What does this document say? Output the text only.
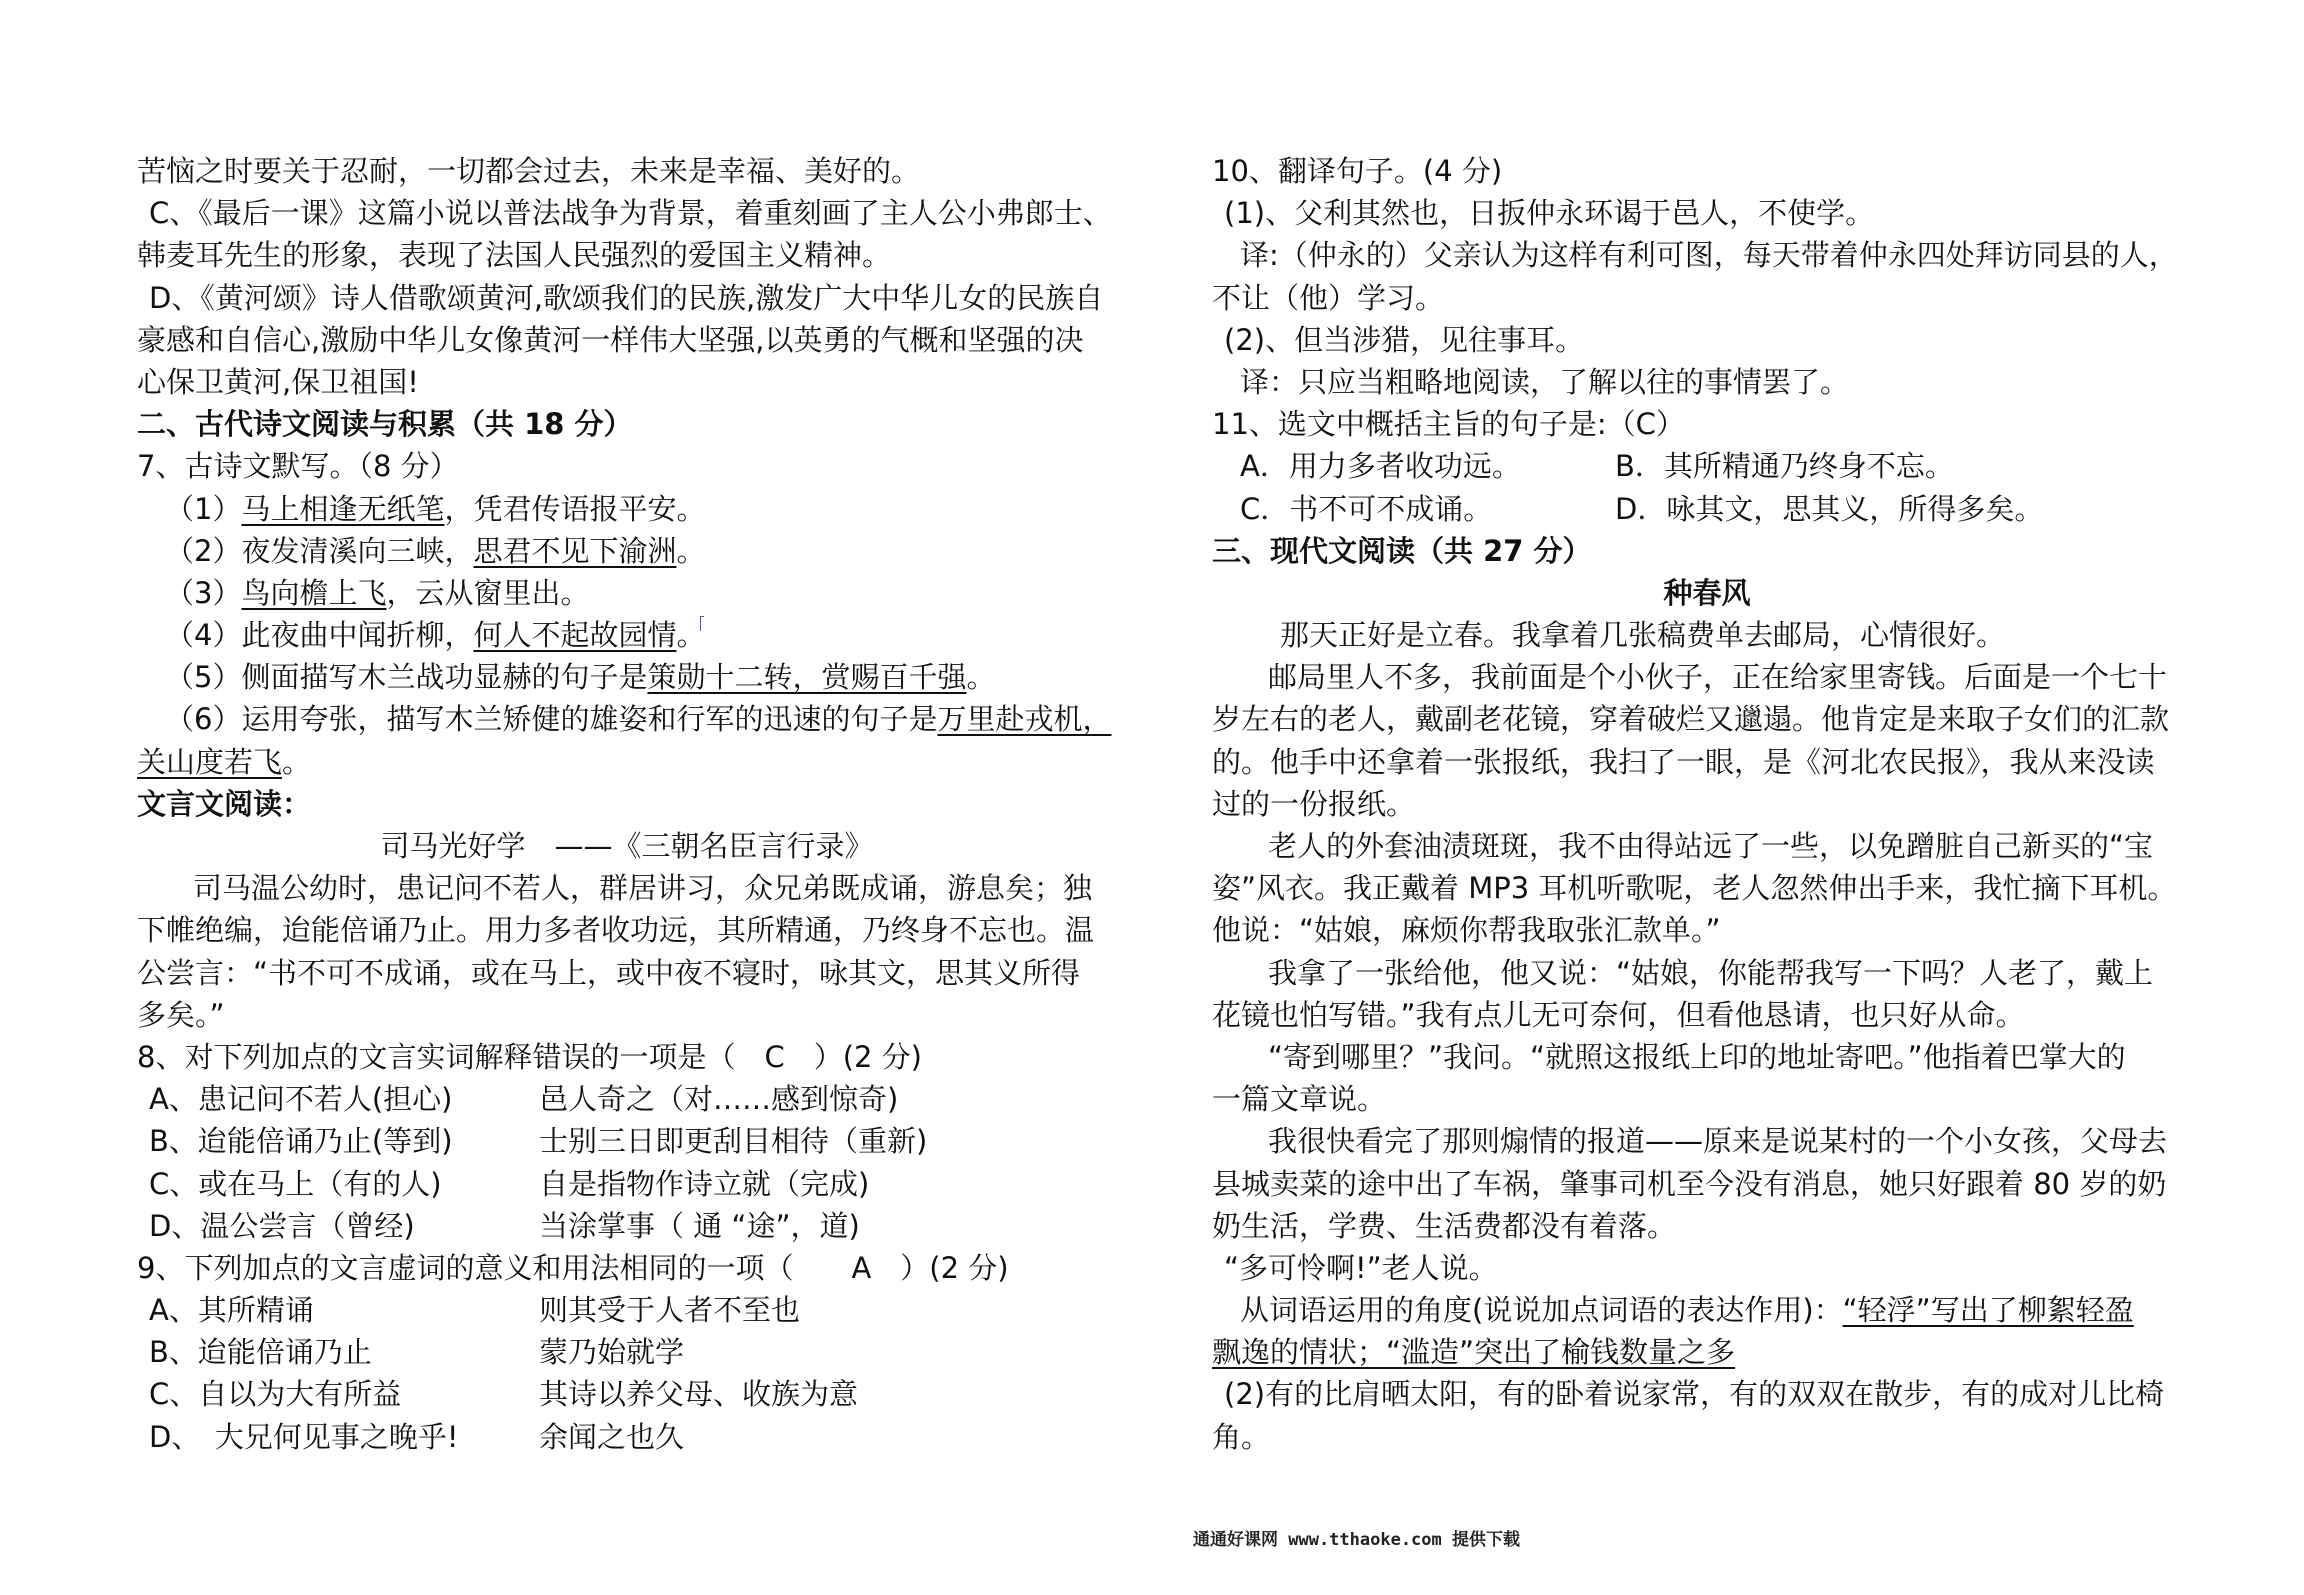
苦恼之时要关于忍耐，一切都会过去，未来是幸福、美好的。
C、《最后一课》这篇小说以普法战争为背景，着重刻画了主人公小弗郎士、
韩麦耳先生的形象，表现了法国人民强烈的爱国主义精神。
D、《黄河颂》诗人借歌颂黄河,歌颂我们的民族,激发广大中华儿女的民族自
豪感和自信心,激励中华儿女像黄河一样伟大坚强,以英勇的气概和坚强的决
心保卫黄河,保卫祖国!
二、古代诗文阅读与积累（共 18 分）
7、古诗文默写。（8 分）
（1）马上相逢无纸笔，凭君传语报平安。
（2）夜发清溪向三峡，思君不见下渝洲。
（3）鸟向檐上飞，云从窗里出。
（4）此夜曲中闻折柳，何人不起故园情。
（5）侧面描写木兰战功显赫的句子是策勋十二转，赏赐百千强。
（6）运用夸张，描写木兰矫健的雄姿和行军的迅速的句子是万里赴戎机，
关山度若飞。
文言文阅读：
司马光好学　——《三朝名臣言行录》
司马温公幼时，患记问不若人，群居讲习，众兄弟既成诵，游息矣；独
下帷绝编，迨能倍诵乃止。用力多者收功远，其所精通，乃终身不忘也。温
公尝言：“书不可不成诵，或在马上，或中夜不寝时，咏其文，思其义所得
多矣。”
8、对下列加点的文言实词解释错误的一项是（　C　）(2 分)
A、患记问不若人(担心)	邑人奇之（对……感到惊奇)
B、迨能倍诵乃止(等到)	士别三日即更刮目相待（重新)
C、或在马上（有的人)	自是指物作诗立就（完成)
D、温公尝言（曾经)	当涂掌事（ 通 “途”，道)
9、下列加点的文言虚词的意义和用法相同的一项（　　A　）(2 分)
A、其所精诵	则其受于人者不至也
B、迨能倍诵乃止	蒙乃始就学
C、自以为大有所益	其诗以养父母、收族为意
D、　大兄何见事之晚乎!	余闻之也久
10、翻译句子。(4 分)
(1)、父利其然也，日扳仲永环谒于邑人，不使学。
译:（仲永的）父亲认为这样有利可图，每天带着仲永四处拜访同县的人，
不让（他）学习。
(2)、但当涉猎，见往事耳。
译：只应当粗略地阅读，了解以往的事情罢了。
11、选文中概括主旨的句子是:（C）
A．用力多者收功远。	B．其所精通乃终身不忘。
C．书不可不成诵。	D．咏其文，思其义，所得多矣。
三、现代文阅读（共 27 分）
种春风
那天正好是立春。我拿着几张稿费单去邮局，心情很好。
邮局里人不多，我前面是个小伙子，正在给家里寄钱。后面是一个七十
岁左右的老人，戴副老花镜，穿着破烂又邋遢。他肯定是来取子女们的汇款
的。他手中还拿着一张报纸，我扫了一眼，是《河北农民报》，我从来没读
过的一份报纸。
老人的外套油渍斑斑，我不由得站远了一些，以免蹭脏自己新买的“宝
姿”风衣。我正戴着 MP3 耳机听歌呢，老人忽然伸出手来，我忙摘下耳机。
他说：“姑娘，麻烦你帮我取张汇款单。”
我拿了一张给他，他又说：“姑娘，你能帮我写一下吗？人老了，戴上
花镜也怕写错。”我有点儿无可奈何，但看他恳请，也只好从命。
“寄到哪里？”我问。“就照这报纸上印的地址寄吧。”他指着巴掌大的
一篇文章说。
我很快看完了那则煽情的报道——原来是说某村的一个小女孩，父母去
县城卖菜的途中出了车祸，肇事司机至今没有消息，她只好跟着 80 岁的奶
奶生活，学费、生活费都没有着落。
“多可怜啊!”老人说。
从词语运用的角度(说说加点词语的表达作用)：“轻浮”写出了柳絮轻盈
飘逸的情状；“滥造”突出了榆钱数量之多
(2)有的比肩晒太阳，有的卧着说家常，有的双双在散步，有的成对儿比椅
角。
通通好课网 www.tthaoke.com 提供下载
